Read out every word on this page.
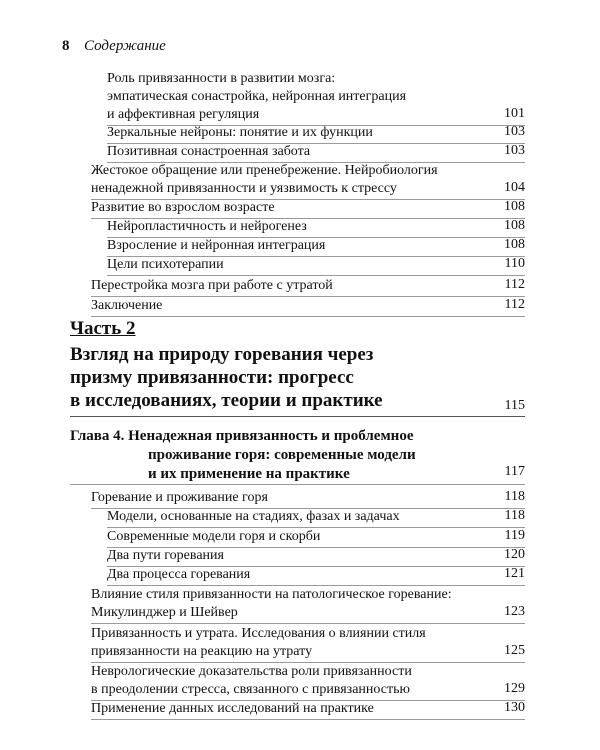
8 Содержание
Роль привязанности в развитии мозга:
эмпатическая сонастройка, нейронная интеграция
и аффективная регуляция	101
Зеркальные нейроны: понятие и их функции	103
Позитивная сонастроенная забота	103
Жестокое обращение или пренебрежение. Нейробиология
ненадежной привязанности и уязвимость к стрессу	104
Развитие во взрослом возрасте	108
Нейропластичность и нейрогенез	108
Взросление и нейронная интеграция	108
Цели психотерапии	110
Перестройка мозга при работе с утратой	112
Заключение	112
Часть 2
Взгляд на природу горевания через
призму привязанности: прогресс
в исследованиях, теории и практике	115
Глава 4. Ненадежная привязанность и проблемное
проживание горя: современные модели
и их применение на практике	117
Горевание и проживание горя	118
Модели, основанные на стадиях, фазах и задачах	118
Современные модели горя и скорби	119
Два пути горевания	120
Два процесса горевания	121
Влияние стиля привязанности на патологическое горевание:
Микулинджер и Шейвер	123
Привязанность и утрата. Исследования о влиянии стиля
привязанности на реакцию на утрату	125
Неврологические доказательства роли привязанности
в преодолении стресса, связанного с привязанностью	129
Применение данных исследований на практике	130
